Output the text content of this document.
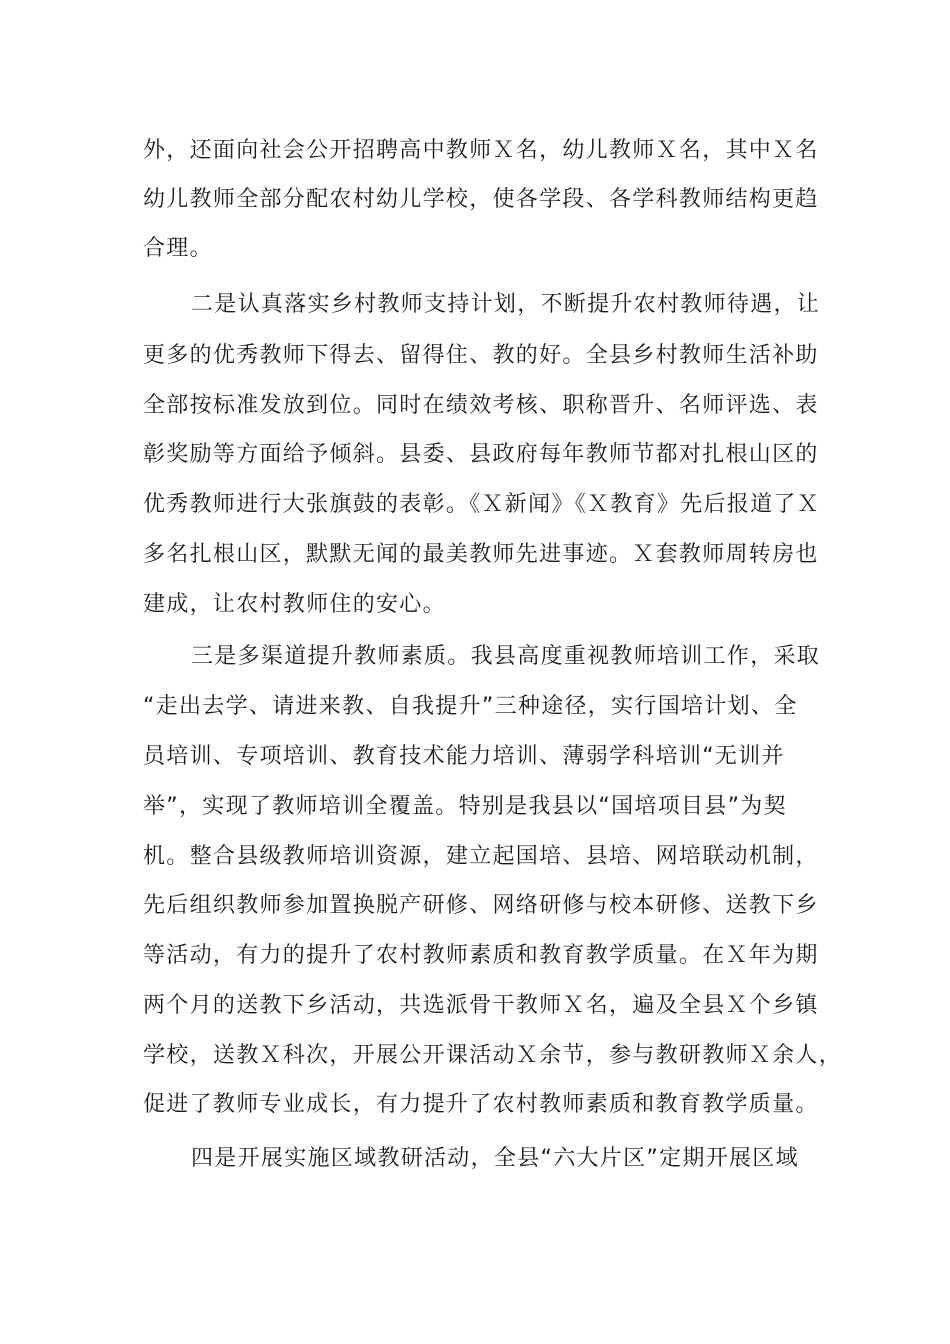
外，还面向社会公开招聘高中教师Ｘ名，幼儿教师Ｘ名，其中Ｘ名

幼儿教师全部分配农村幼儿学校，使各学段、各学科教师结构更趋

合理。

二是认真落实乡村教师支持计划，不断提升农村教师待遇，让

更多的优秀教师下得去、留得住、教的好。全县乡村教师生活补助

全部按标准发放到位。同时在绩效考核、职称晋升、名师评选、表

彰奖励等方面给予倾斜。县委、县政府每年教师节都对扎根山区的

优秀教师进行大张旗鼓的表彰。《Ｘ新闻》《Ｘ教育》先后报道了Ｘ

多名扎根山区，默默无闻的最美教师先进事迹。Ｘ套教师周转房也

建成，让农村教师住的安心。

三是多渠道提升教师素质。我县高度重视教师培训工作，采取

“走出去学、请进来教、自我提升”三种途径，实行国培计划、全

员培训、专项培训、教育技术能力培训、薄弱学科培训“无训并

举”，实现了教师培训全覆盖。特别是我县以“国培项目县”为契

机。整合县级教师培训资源，建立起国培、县培、网培联动机制，

先后组织教师参加置换脱产研修、网络研修与校本研修、送教下乡

等活动，有力的提升了农村教师素质和教育教学质量。在Ｘ年为期

两个月的送教下乡活动，共选派骨干教师Ｘ名，遍及全县Ｘ个乡镇

学校，送教Ｘ科次，开展公开课活动Ｘ余节，参与教研教师Ｘ余人，

促进了教师专业成长，有力提升了农村教师素质和教育教学质量。

四是开展实施区域教研活动，全县“六大片区”定期开展区域
